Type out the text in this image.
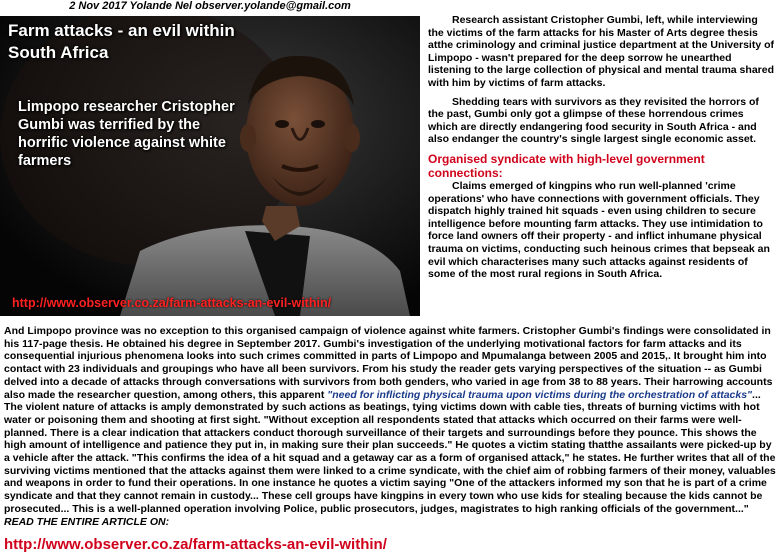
2 Nov 2017 Yolande Nel observer.yolande@gmail.com
Farm attacks - an evil within South Africa
Limpopo researcher Cristopher Gumbi was terrified by the horrific violence against white farmers
http://www.observer.co.za/farm-attacks-an-evil-within/

Research assistant Cristopher Gumbi, left, while interviewing the victims of the farm attacks for his Master of Arts degree thesis atthe criminology and criminal justice department at the University of Limpopo - wasn't prepared for the deep sorrow he unearthed listening to the large collection of physical and mental trauma shared with him by victims of farm attacks.

Shedding tears with survivors as they revisited the horrors of the past, Gumbi only got a glimpse of these horrendous crimes which are directly endangering food security in South Africa - and also endanger the country's single largest single economic asset.

Organised syndicate with high-level government connections:

Claims emerged of kingpins who run well-planned 'crime operations' who have connections with government officials. They dispatch highly trained hit squads - even using children to secure intelligence before mounting farm attacks. They use intimidation to force land owners off their property - and inflict inhumane physical trauma on victims, conducting such heinous crimes that bepseak an evil which characterises many such attacks against residents of some of the most rural regions in South Africa.

And Limpopo province was no exception to this organised campaign of violence against white farmers. Cristopher Gumbi's findings were consolidated in his 117-page thesis. He obtained his degree in September 2017. Gumbi's investigation of the underlying motivational factors for farm attacks and its consequential injurious phenomena looks into such crimes committed in parts of Limpopo and Mpumalanga between 2005 and 2015,. It brought him into contact with 23 individuals and groupings who have all been survivors. From his study the reader gets varying perspectives of the situation -- as Gumbi delved into a decade of attacks through conversations with survivors from both genders, who varied in age from 38 to 88 years. Their harrowing accounts also made the researcher question, among others, this apparent "need for inflicting physical trauma upon victims during the orchestration of attacks"... The violent nature of attacks is amply demonstrated by such actions as beatings, tying victims down with cable ties, threats of burning victims with hot water or poisoning them and shooting at first sight. "Without exception all respondents stated that attacks which occurred on their farms were well-planned. There is a clear indication that attackers conduct thorough surveillance of their targets and surroundings before they pounce. This shows the high amount of intelligence and patience they put in, in making sure their plan succeeds." He quotes a victim stating thatthe assailants were picked-up by a vehicle after the attack. "This confirms the idea of a hit squad and a getaway car as a form of organised attack," he states. He further writes that all of the surviving victims mentioned that the attacks against them were linked to a crime syndicate, with the chief aim of robbing farmers of their money, valuables and weapons in order to fund their operations. In one instance he quotes a victim saying "One of the attackers informed my son that he is part of a crime syndicate and that they cannot remain in custody... These cell groups have kingpins in every town who use kids for stealing because the kids cannot be prosecuted... This is a well-planned operation involving Police, public prosecutors, judges, magistrates to high ranking officials of the government..." READ THE ENTIRE ARTICLE ON:
http://www.observer.co.za/farm-attacks-an-evil-within/
